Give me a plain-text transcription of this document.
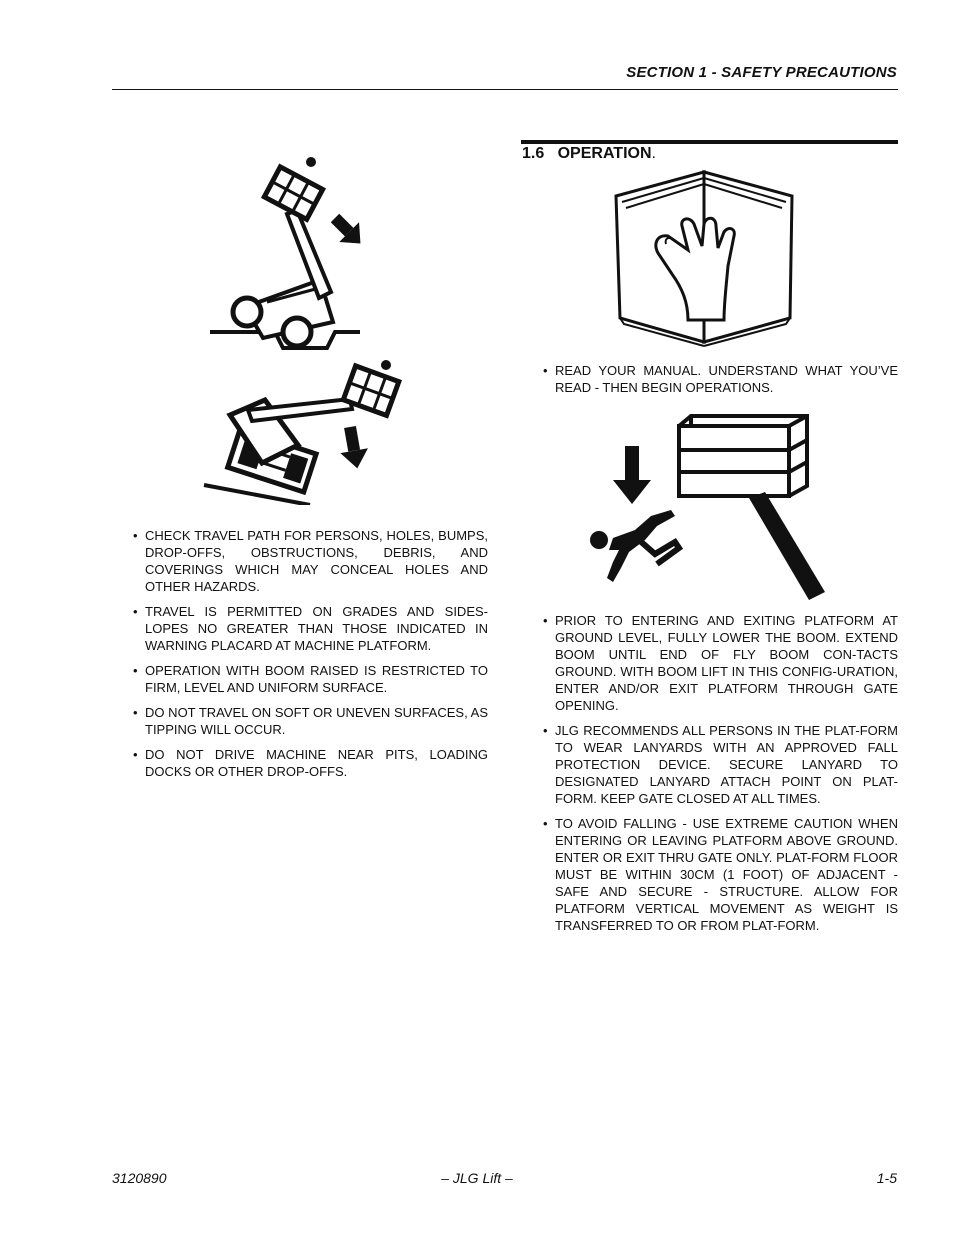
SECTION 1 - SAFETY PRECAUTIONS
• CHECK TRAVEL PATH FOR PERSONS, HOLES, BUMPS, DROP-OFFS, OBSTRUCTIONS, DEBRIS, AND COVERINGS WHICH MAY CONCEAL HOLES AND OTHER HAZARDS.
• TRAVEL IS PERMITTED ON GRADES AND SIDES-LOPES NO GREATER THAN THOSE INDICATED IN WARNING PLACARD AT MACHINE PLATFORM.
• OPERATION WITH BOOM RAISED IS RESTRICTED TO FIRM, LEVEL AND UNIFORM SURFACE.
• DO NOT TRAVEL ON SOFT OR UNEVEN SURFACES, AS TIPPING WILL OCCUR.
• DO NOT DRIVE MACHINE NEAR PITS, LOADING DOCKS OR OTHER DROP-OFFS.
1.6 OPERATION.
• READ YOUR MANUAL. UNDERSTAND WHAT YOU’VE READ - THEN BEGIN OPERATIONS.
• PRIOR TO ENTERING AND EXITING PLATFORM AT GROUND LEVEL, FULLY LOWER THE BOOM. EXTEND BOOM UNTIL END OF FLY BOOM CON-TACTS GROUND. WITH BOOM LIFT IN THIS CONFIG-URATION, ENTER AND/OR EXIT PLATFORM THROUGH GATE OPENING.
• JLG RECOMMENDS ALL PERSONS IN THE PLAT-FORM TO WEAR LANYARDS WITH AN APPROVED FALL PROTECTION DEVICE. SECURE LANYARD TO DESIGNATED LANYARD ATTACH POINT ON PLAT-FORM. KEEP GATE CLOSED AT ALL TIMES.
• TO AVOID FALLING - USE EXTREME CAUTION WHEN ENTERING OR LEAVING PLATFORM ABOVE GROUND. ENTER OR EXIT THRU GATE ONLY. PLAT-FORM FLOOR MUST BE WITHIN 30CM (1 FOOT) OF ADJACENT - SAFE AND SECURE - STRUCTURE. ALLOW FOR PLATFORM VERTICAL MOVEMENT AS WEIGHT IS TRANSFERRED TO OR FROM PLAT-FORM.
3120890	– JLG Lift –	1-5
